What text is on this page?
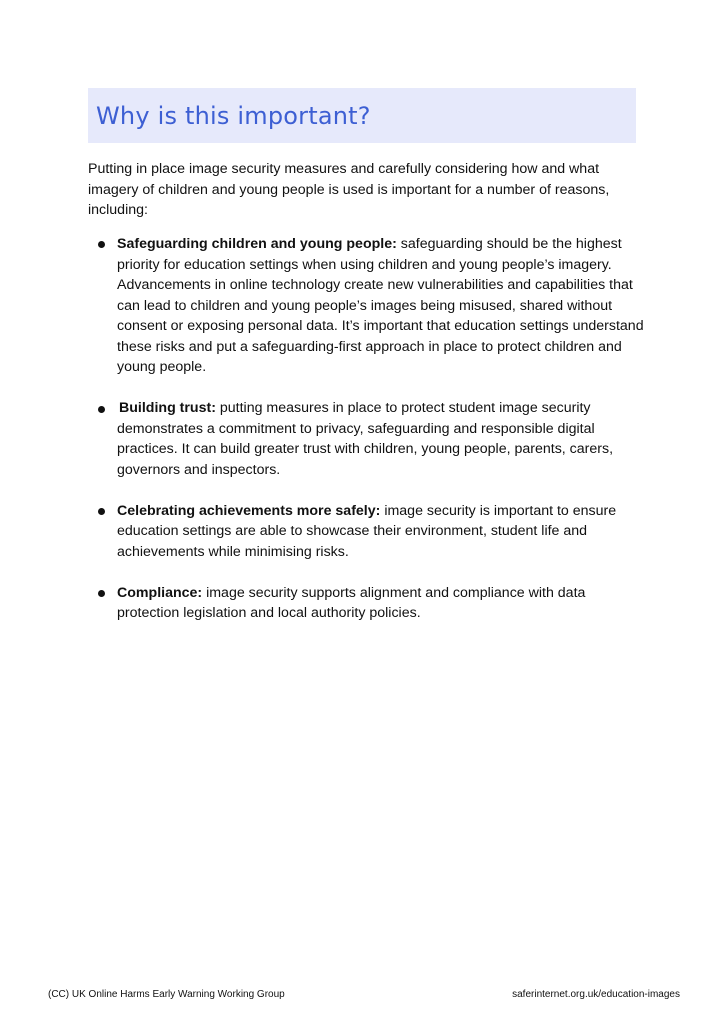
Why is this important?

Putting in place image security measures and carefully considering how and what imagery of children and young people is used is important for a number of reasons, including:

Safeguarding children and young people: safeguarding should be the highest priority for education settings when using children and young people’s imagery. Advancements in online technology create new vulnerabilities and capabilities that can lead to children and young people’s images being misused, shared without consent or exposing personal data. It’s important that education settings understand these risks and put a safeguarding-first approach in place to protect children and young people.
Building trust: putting measures in place to protect student image security demonstrates a commitment to privacy, safeguarding and responsible digital practices. It can build greater trust with children, young people, parents, carers, governors and inspectors.
Celebrating achievements more safely: image security is important to ensure education settings are able to showcase their environment, student life and achievements while minimising risks.
Compliance: image security supports alignment and compliance with data protection legislation and local authority policies.
(CC) UK Online Harms Early Warning Working Group	saferinternet.org.uk/education-images
